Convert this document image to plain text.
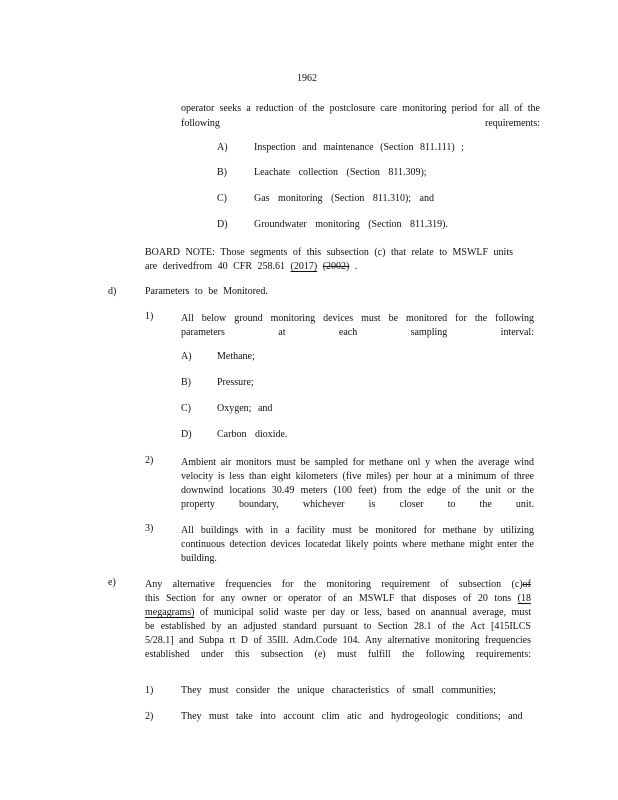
1962
operator seeks a reduction of the postclosure care monitoring period for all of the following requirements:
A)	Inspection and maintenance (Section 811.111) ;
B)	Leachate collection (Section 811.309);
C)	Gas monitoring (Section 811.310); and
D)	Groundwater monitoring (Section 811.319).
BOARD NOTE: Those segments of this subsection (c) that relate to MSWLF units are derivedfrom 40 CFR 258.61 (2017) (2002) .
d)	Parameters to be Monitored.
1)	All below ground monitoring devices must be monitored for the following parameters at each sampling interval:
A)	Methane;
B)	Pressure;
C)	Oxygen; and
D)	Carbon dioxide.
2)	Ambient air monitors must be sampled for methane onl y when the average wind velocity is less than eight kilometers (five miles) per hour at a minimum of three downwind locations 30.49 meters (100 feet) from the edge of the unit or the property boundary, whichever is closer to the unit.
3)	All buildings with in a facility must be monitored for methane by utilizing continuous detection devices locatedat likely points where methane might enter the building.
e)	Any alternative frequencies for the monitoring requirement of subsection (c)of
this Section for any owner or operator of an MSWLF that disposes of 20 tons (18 megagrams) of municipal solid waste per day or less, based on anannual average, must be established by an adjusted standard pursuant to Section 28.1 of the Act [415ILCS 5/28.1] and Subpa rt D of 35Ill. Adm.Code 104. Any alternative monitoring frequencies established under this subsection (e) must fulfill the following requirements:
1)	They must consider the unique characteristics of small communities;
2)	They must take into account clim atic and hydrogeologic conditions; and
